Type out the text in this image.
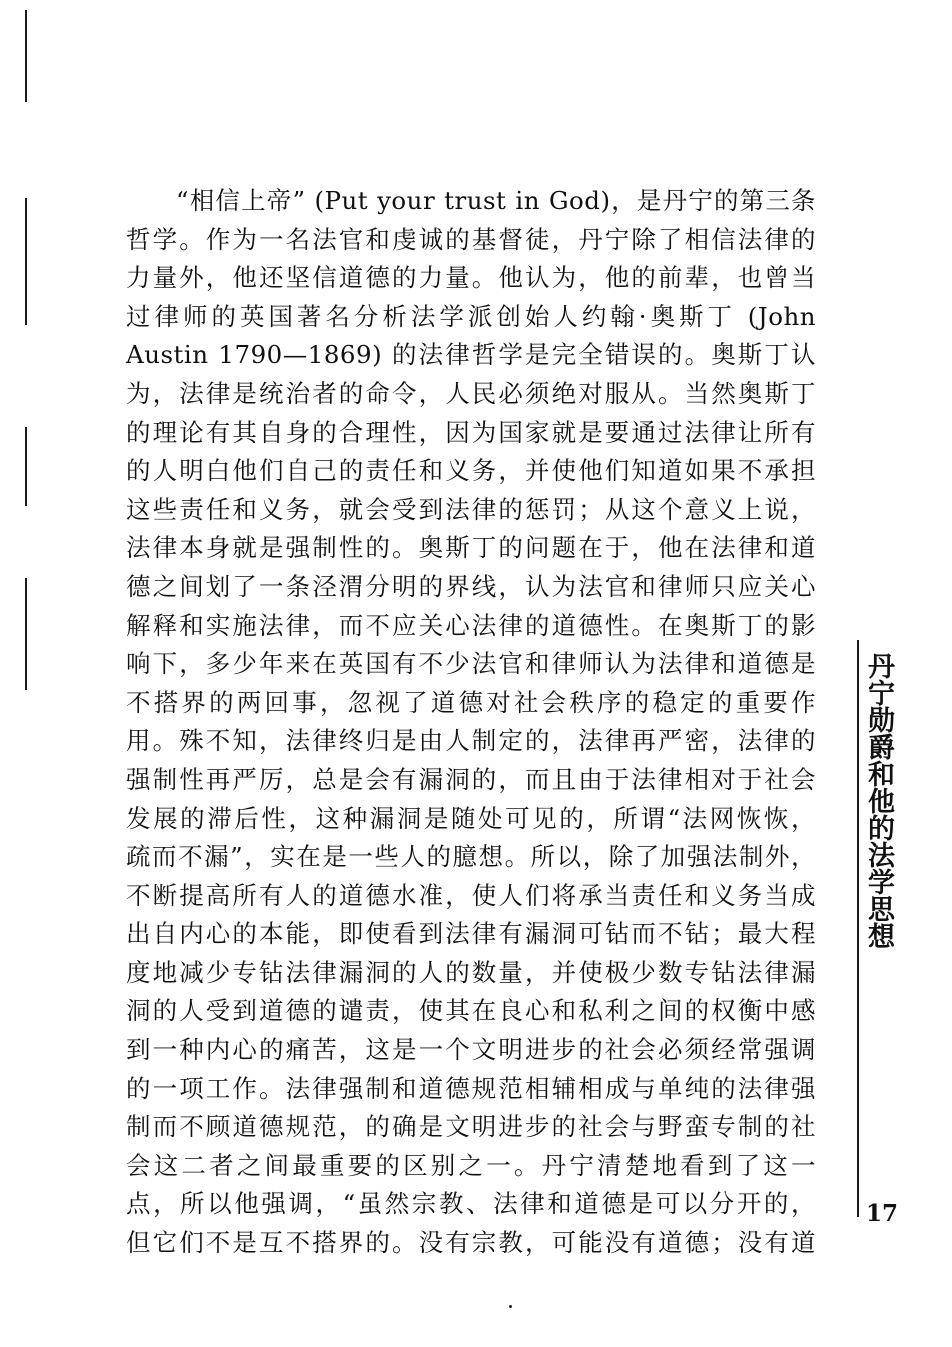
“相信上帝” (Put your trust in God)，是丹宁的第三条
哲学。作为一名法官和虔诚的基督徒，丹宁除了相信法律的
力量外，他还坚信道德的力量。他认为，他的前辈，也曾当
过律师的英国著名分析法学派创始人约翰·奥斯丁 (John
Austin 1790—1869) 的法律哲学是完全错误的。奥斯丁认
为，法律是统治者的命令，人民必须绝对服从。当然奥斯丁
的理论有其自身的合理性，因为国家就是要通过法律让所有
的人明白他们自己的责任和义务，并使他们知道如果不承担
这些责任和义务，就会受到法律的惩罚；从这个意义上说，
法律本身就是强制性的。奥斯丁的问题在于，他在法律和道
德之间划了一条泾渭分明的界线，认为法官和律师只应关心
解释和实施法律，而不应关心法律的道德性。在奥斯丁的影
响下，多少年来在英国有不少法官和律师认为法律和道德是
不搭界的两回事，忽视了道德对社会秩序的稳定的重要作
用。殊不知，法律终归是由人制定的，法律再严密，法律的
强制性再严厉，总是会有漏洞的，而且由于法律相对于社会
发展的滞后性，这种漏洞是随处可见的，所谓“法网恢恢，
疏而不漏”，实在是一些人的臆想。所以，除了加强法制外，
不断提高所有人的道德水准，使人们将承当责任和义务当成
出自内心的本能，即使看到法律有漏洞可钻而不钻；最大程
度地减少专钻法律漏洞的人的数量，并使极少数专钻法律漏
洞的人受到道德的谴责，使其在良心和私利之间的权衡中感
到一种内心的痛苦，这是一个文明进步的社会必须经常强调
的一项工作。法律强制和道德规范相辅相成与单纯的法律强
制而不顾道德规范，的确是文明进步的社会与野蛮专制的社
会这二者之间最重要的区别之一。丹宁清楚地看到了这一
点，所以他强调，“虽然宗教、法律和道德是可以分开的，
但它们不是互不搭界的。没有宗教，可能没有道德；没有道
丹宁勋爵和他的法学思想
17
